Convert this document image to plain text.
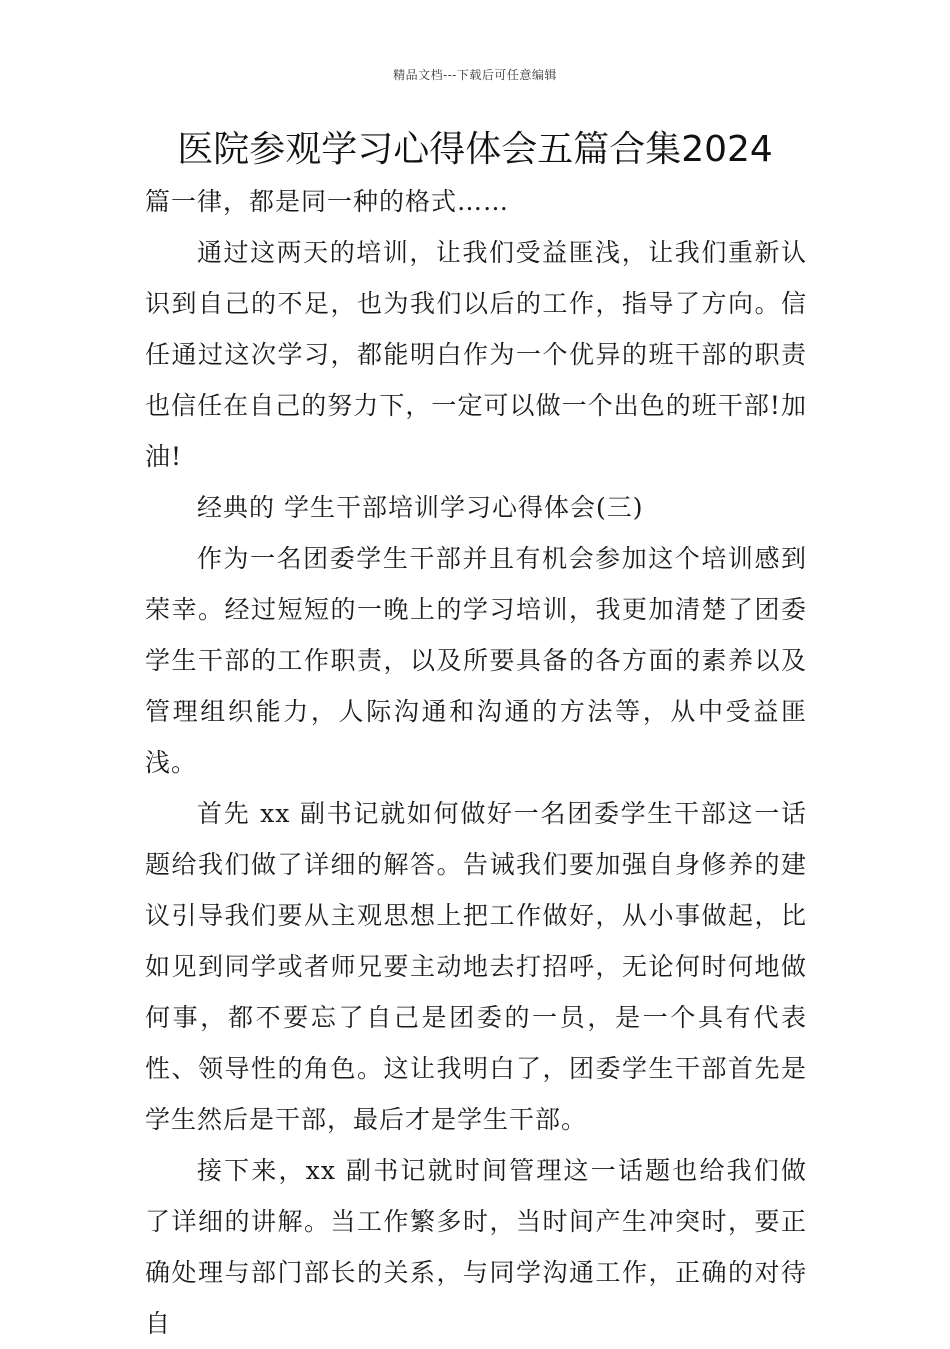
精品文档---下载后可任意编辑
医院参观学习心得体会五篇合集2024

篇一律，都是同一种的格式……

通过这两天的培训，让我们受益匪浅，让我们重新认识到自己的不足，也为我们以后的工作，指导了方向。信任通过这次学习，都能明白作为一个优异的班干部的职责也信任在自己的努力下，一定可以做一个出色的班干部!加油!

经典的 学生干部培训学习心得体会(三)

作为一名团委学生干部并且有机会参加这个培训感到荣幸。经过短短的一晚上的学习培训，我更加清楚了团委学生干部的工作职责，以及所要具备的各方面的素养以及管理组织能力，人际沟通和沟通的方法等，从中受益匪浅。

首先 xx 副书记就如何做好一名团委学生干部这一话题给我们做了详细的解答。告诫我们要加强自身修养的建议引导我们要从主观思想上把工作做好，从小事做起，比如见到同学或者师兄要主动地去打招呼，无论何时何地做何事，都不要忘了自己是团委的一员，是一个具有代表性、领导性的角色。这让我明白了，团委学生干部首先是学生然后是干部，最后才是学生干部。

接下来，xx 副书记就时间管理这一话题也给我们做了详细的讲解。当工作繁多时，当时间产生冲突时，要正确处理与部门部长的关系，与同学沟通工作，正确的对待自
